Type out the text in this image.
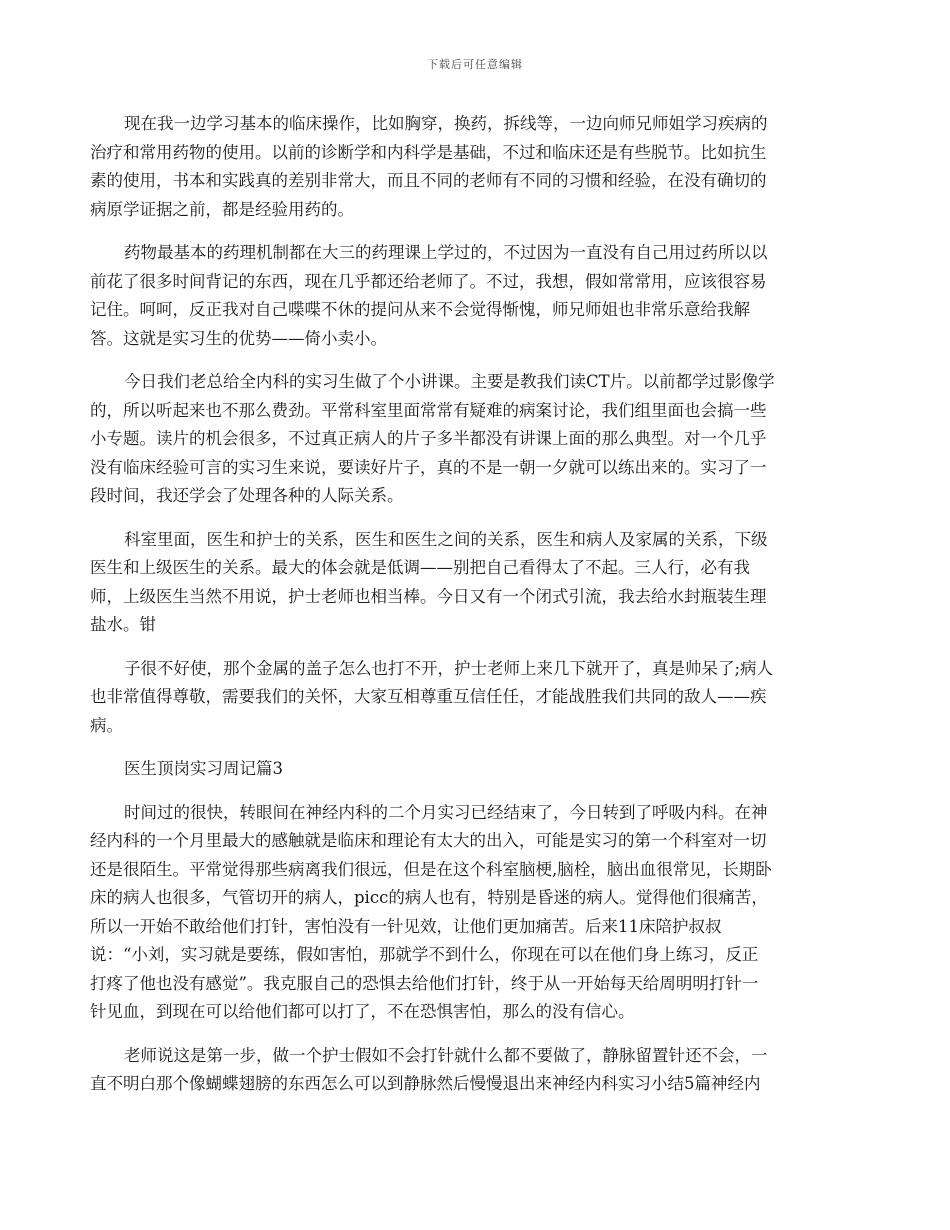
下载后可任意编辑

现在我一边学习基本的临床操作，比如胸穿，换药，拆线等，一边向师兄师姐学习疾病的
治疗和常用药物的使用。以前的诊断学和内科学是基础，不过和临床还是有些脱节。比如抗生
素的使用，书本和实践真的差别非常大，而且不同的老师有不同的习惯和经验，在没有确切的
病原学证据之前，都是经验用药的。

药物最基本的药理机制都在大三的药理课上学过的，不过因为一直没有自己用过药所以以
前花了很多时间背记的东西，现在几乎都还给老师了。不过，我想，假如常常用，应该很容易
记住。呵呵，反正我对自己喋喋不休的提问从来不会觉得惭愧，师兄师姐也非常乐意给我解
答。这就是实习生的优势——倚小卖小。

今日我们老总给全内科的实习生做了个小讲课。主要是教我们读CT片。以前都学过影像学
的，所以听起来也不那么费劲。平常科室里面常常有疑难的病案讨论，我们组里面也会搞一些
小专题。读片的机会很多，不过真正病人的片子多半都没有讲课上面的那么典型。对一个几乎
没有临床经验可言的实习生来说，要读好片子，真的不是一朝一夕就可以练出来的。实习了一
段时间，我还学会了处理各种的人际关系。

科室里面，医生和护士的关系，医生和医生之间的关系，医生和病人及家属的关系，下级
医生和上级医生的关系。最大的体会就是低调——别把自己看得太了不起。三人行，必有我
师，上级医生当然不用说，护士老师也相当棒。今日又有一个闭式引流，我去给水封瓶装生理
盐水。钳

子很不好使，那个金属的盖子怎么也打不开，护士老师上来几下就开了，真是帅呆了;病人
也非常值得尊敬，需要我们的关怀，大家互相尊重互信任任，才能战胜我们共同的敌人——疾
病。

医生顶岗实习周记篇3

时间过的很快，转眼间在神经内科的二个月实习已经结束了，今日转到了呼吸内科。在神
经内科的一个月里最大的感触就是临床和理论有太大的出入，可能是实习的第一个科室对一切
还是很陌生。平常觉得那些病离我们很远，但是在这个科室脑梗,脑栓，脑出血很常见，长期卧
床的病人也很多，气管切开的病人，picc的病人也有，特别是昏迷的病人。觉得他们很痛苦，
所以一开始不敢给他们打针，害怕没有一针见效，让他们更加痛苦。后来11床陪护叔叔
说：“小刘，实习就是要练，假如害怕，那就学不到什么，你现在可以在他们身上练习，反正
打疼了他也没有感觉”。我克服自己的恐惧去给他们打针，终于从一开始每天给周明明打针一
针见血，到现在可以给他们都可以打了，不在恐惧害怕，那么的没有信心。

老师说这是第一步，做一个护士假如不会打针就什么都不要做了，静脉留置针还不会，一
直不明白那个像蝴蝶翅膀的东西怎么可以到静脉然后慢慢退出来神经内科实习小结5篇神经内
